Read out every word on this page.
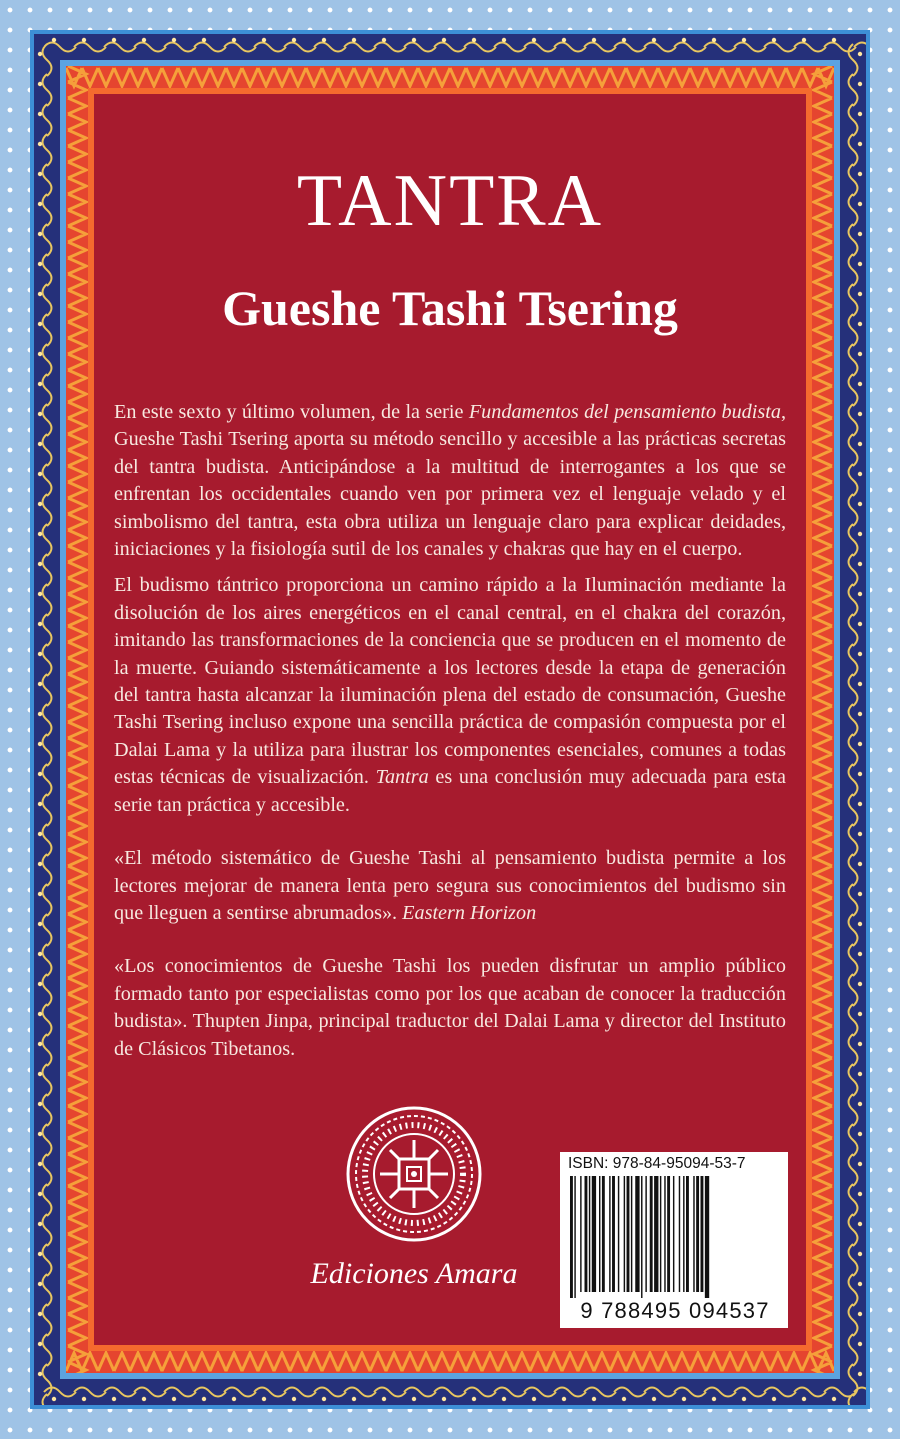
TANTRA
Gueshe Tashi Tsering

En este sexto y último volumen, de la serie Fundamentos del pensamiento budista, Gueshe Tashi Tsering aporta su método sencillo y accesible a las prácticas secretas del tantra budista. Anticipándose a la multitud de interrogantes a los que se enfrentan los occidentales cuando ven por primera vez el lenguaje velado y el simbolismo del tantra, esta obra utiliza un lenguaje claro para explicar deidades, iniciaciones y la fisiología sutil de los canales y chakras que hay en el cuerpo.

El budismo tántrico proporciona un camino rápido a la Iluminación mediante la disolución de los aires energéticos en el canal central, en el chakra del corazón, imitando las transformaciones de la conciencia que se producen en el momento de la muerte. Guiando sistemáticamente a los lectores desde la etapa de generación del tantra hasta alcanzar la iluminación plena del estado de consumación, Gueshe Tashi Tsering incluso expone una sencilla práctica de compasión compuesta por el Dalai Lama y la utiliza para ilustrar los componentes esenciales, comunes a todas estas técnicas de visualización. Tantra es una conclusión muy adecuada para esta serie tan práctica y accesible.

«El método sistemático de Gueshe Tashi al pensamiento budista permite a los lectores mejorar de manera lenta pero segura sus conocimientos del budismo sin que lleguen a sentirse abrumados». Eastern Horizon

«Los conocimientos de Gueshe Tashi los pueden disfrutar un amplio público formado tanto por especialistas como por los que acaban de conocer la traducción budista». Thupten Jinpa, principal traductor del Dalai Lama y director del Instituto de Clásicos Tibetanos.

Ediciones Amara
ISBN: 978-84-95094-53-7
9 788495 094537
